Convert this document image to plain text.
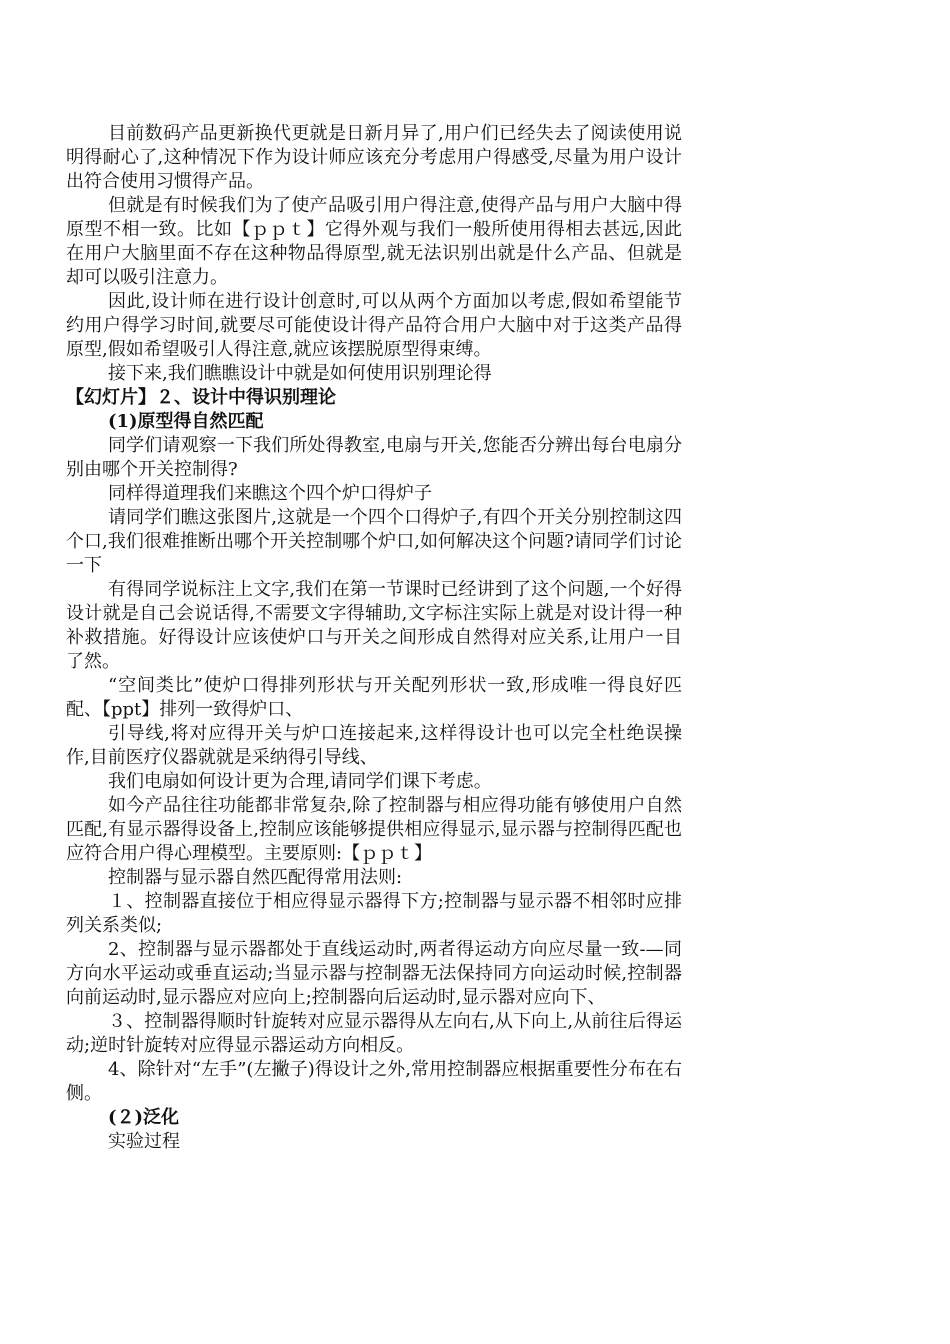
目前数码产品更新换代更就是日新月异了,用户们已经失去了阅读使用说明得耐心了,这种情况下作为设计师应该充分考虑用户得感受,尽量为用户设计出符合使用习惯得产品。

但就是有时候我们为了使产品吸引用户得注意,使得产品与用户大脑中得原型不相一致。比如【ｐｐｔ】它得外观与我们一般所使用得相去甚远,因此在用户大脑里面不存在这种物品得原型,就无法识别出就是什么产品、但就是却可以吸引注意力。

因此,设计师在进行设计创意时,可以从两个方面加以考虑,假如希望能节约用户得学习时间,就要尽可能使设计得产品符合用户大脑中对于这类产品得原型,假如希望吸引人得注意,就应该摆脱原型得束缚。

接下来,我们瞧瞧设计中就是如何使用识别理论得

【幻灯片】２、设计中得识别理论

(1)原型得自然匹配

同学们请观察一下我们所处得教室,电扇与开关,您能否分辨出每台电扇分别由哪个开关控制得?

同样得道理我们来瞧这个四个炉口得炉子

请同学们瞧这张图片,这就是一个四个口得炉子,有四个开关分别控制这四个口,我们很难推断出哪个开关控制哪个炉口,如何解决这个问题?请同学们讨论一下

有得同学说标注上文字,我们在第一节课时已经讲到了这个问题,一个好得设计就是自己会说话得,不需要文字得辅助,文字标注实际上就是对设计得一种补救措施。好得设计应该使炉口与开关之间形成自然得对应关系,让用户一目了然。

“空间类比”使炉口得排列形状与开关配列形状一致,形成唯一得良好匹配、【ppt】排列一致得炉口、

引导线,将对应得开关与炉口连接起来,这样得设计也可以完全杜绝误操作,目前医疗仪器就就是采纳得引导线、

我们电扇如何设计更为合理,请同学们课下考虑。

如今产品往往功能都非常复杂,除了控制器与相应得功能有够使用户自然匹配,有显示器得设备上,控制应该能够提供相应得显示,显示器与控制得匹配也应符合用户得心理模型。主要原则:【ｐｐｔ】

控制器与显示器自然匹配得常用法则:

１、控制器直接位于相应得显示器得下方;控制器与显示器不相邻时应排列关系类似;

2、控制器与显示器都处于直线运动时,两者得运动方向应尽量一致-—同方向水平运动或垂直运动;当显示器与控制器无法保持同方向运动时候,控制器向前运动时,显示器应对应向上;控制器向后运动时,显示器对应向下、

３、控制器得顺时针旋转对应显示器得从左向右,从下向上,从前往后得运动;逆时针旋转对应得显示器运动方向相反。

4、除针对“左手”(左撇子)得设计之外,常用控制器应根据重要性分布在右侧。

(２)泛化

实验过程
